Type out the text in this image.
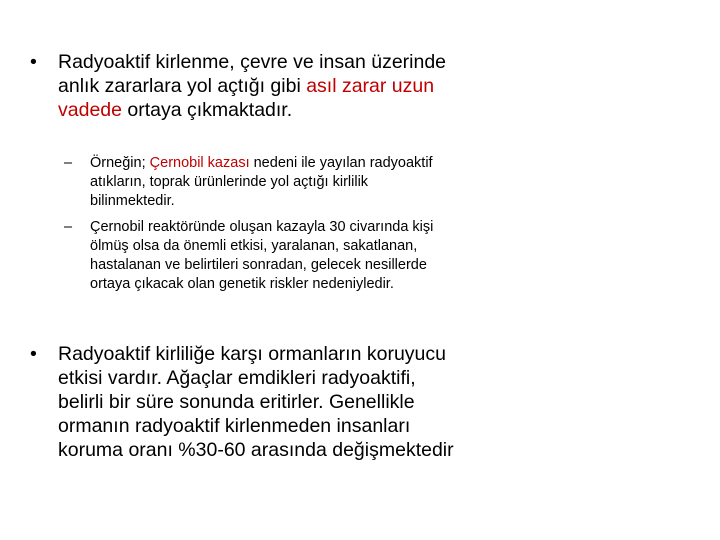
•	Radyoaktif kirlenme, çevre ve insan üzerinde anlık zararlara yol açtığı gibi asıl zarar uzun vadede ortaya çıkmaktadır.
–	Örneğin; Çernobil kazası nedeni ile yayılan radyoaktif atıkların, toprak ürünlerinde yol açtığı kirlilik bilinmektedir.
–	Çernobil reaktöründe oluşan kazayla 30 civarında kişi ölmüş olsa da önemli etkisi, yaralanan, sakatlanan, hastalanan ve belirtileri sonradan, gelecek nesillerde ortaya çıkacak olan genetik riskler nedeniyledir.
•	Radyoaktif kirliliğe karşı ormanların koruyucu etkisi vardır. Ağaçlar emdikleri radyoaktifi, belirli bir süre sonunda eritirler. Genellikle ormanın radyoaktif kirlenmeden insanları koruma oranı %30-60 arasında değişmektedir
